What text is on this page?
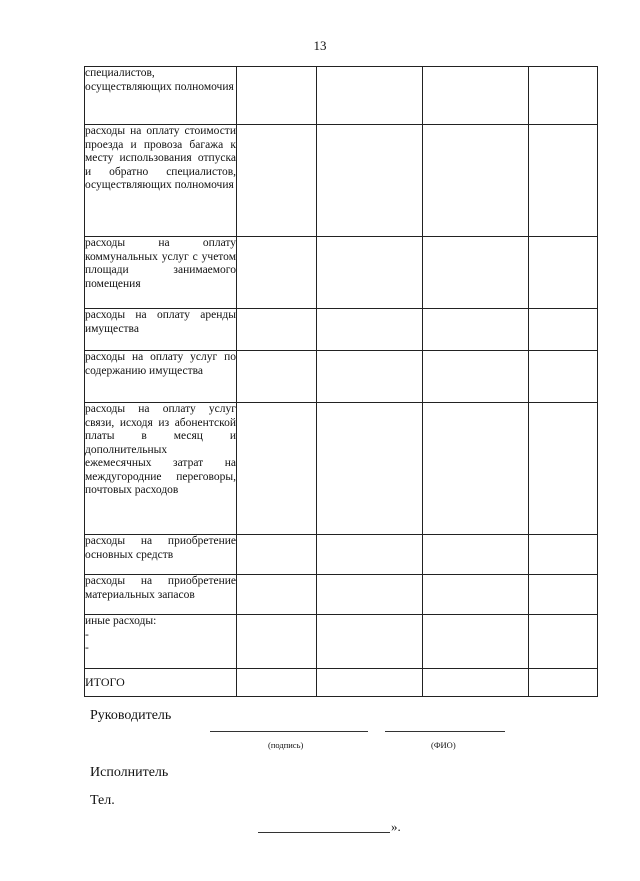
13
специалистов, осуществляющих полномочия				
расходы на оплату стоимости проезда и провоза багажа к месту использования отпуска и обратно специалистов, осуществляющих полномочия				
расходы на оплату коммунальных услуг с учетом площади занимаемого помещения				
расходы на оплату аренды имущества				
расходы на оплату услуг по содержанию имущества				
расходы на оплату услуг связи, исходя из абонентской платы в месяц и дополнительных ежемесячных затрат на междугородние переговоры, почтовых расходов				
расходы на приобретение основных средств				
расходы на приобретение материальных запасов				
иные расходы:
-
-				

ИТОГО				
Руководитель
(подпись)	(ФИО)
Исполнитель
Тел.
».
